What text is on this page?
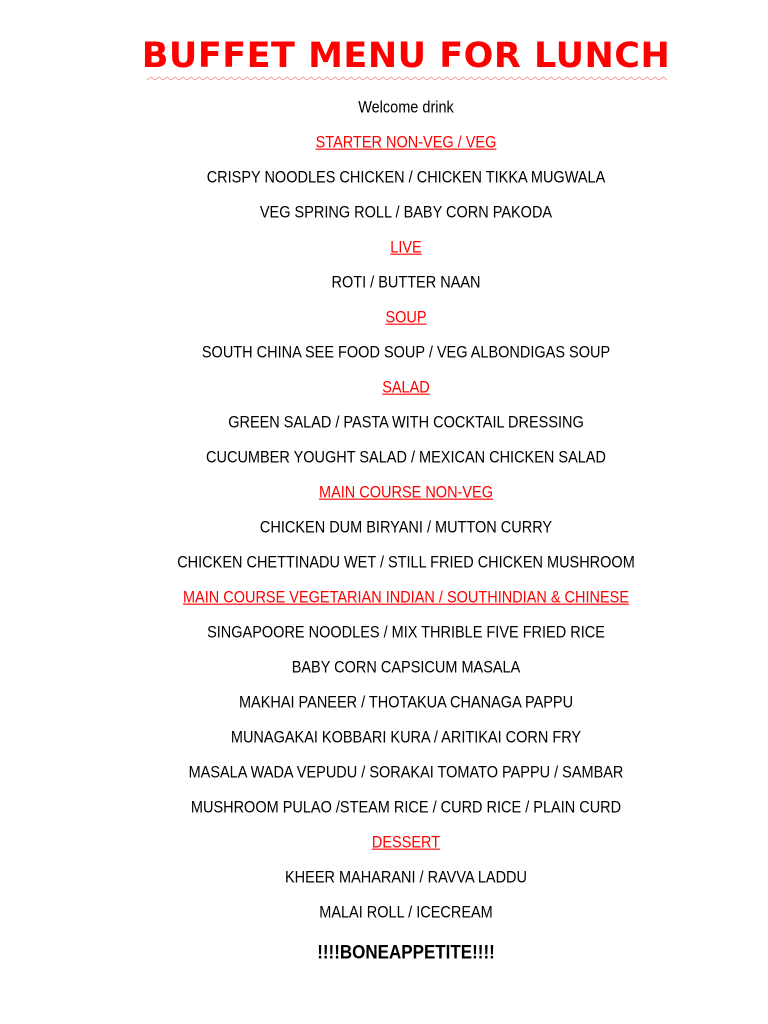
BUFFET MENU FOR LUNCH
Welcome drink
STARTER NON-VEG / VEG
CRISPY NOODLES CHICKEN / CHICKEN TIKKA MUGWALA
VEG SPRING ROLL / BABY CORN PAKODA
LIVE
ROTI / BUTTER NAAN
SOUP
SOUTH CHINA SEE FOOD SOUP / VEG ALBONDIGAS SOUP
SALAD
GREEN SALAD / PASTA WITH COCKTAIL DRESSING
CUCUMBER YOUGHT SALAD / MEXICAN CHICKEN SALAD
MAIN COURSE NON-VEG
CHICKEN DUM BIRYANI / MUTTON CURRY
CHICKEN CHETTINADU WET / STILL FRIED CHICKEN MUSHROOM
MAIN COURSE VEGETARIAN INDIAN / SOUTHINDIAN & CHINESE
SINGAPOORE NOODLES / MIX THRIBLE FIVE FRIED RICE
BABY CORN CAPSICUM MASALA
MAKHAI PANEER / THOTAKUA CHANAGA PAPPU
MUNAGAKAI KOBBARI KURA / ARITIKAI CORN FRY
MASALA WADA VEPUDU / SORAKAI TOMATO PAPPU / SAMBAR
MUSHROOM PULAO /STEAM RICE / CURD RICE / PLAIN CURD
DESSERT
KHEER MAHARANI / RAVVA LADDU
MALAI ROLL / ICECREAM
!!!!BONEAPPETITE!!!!
